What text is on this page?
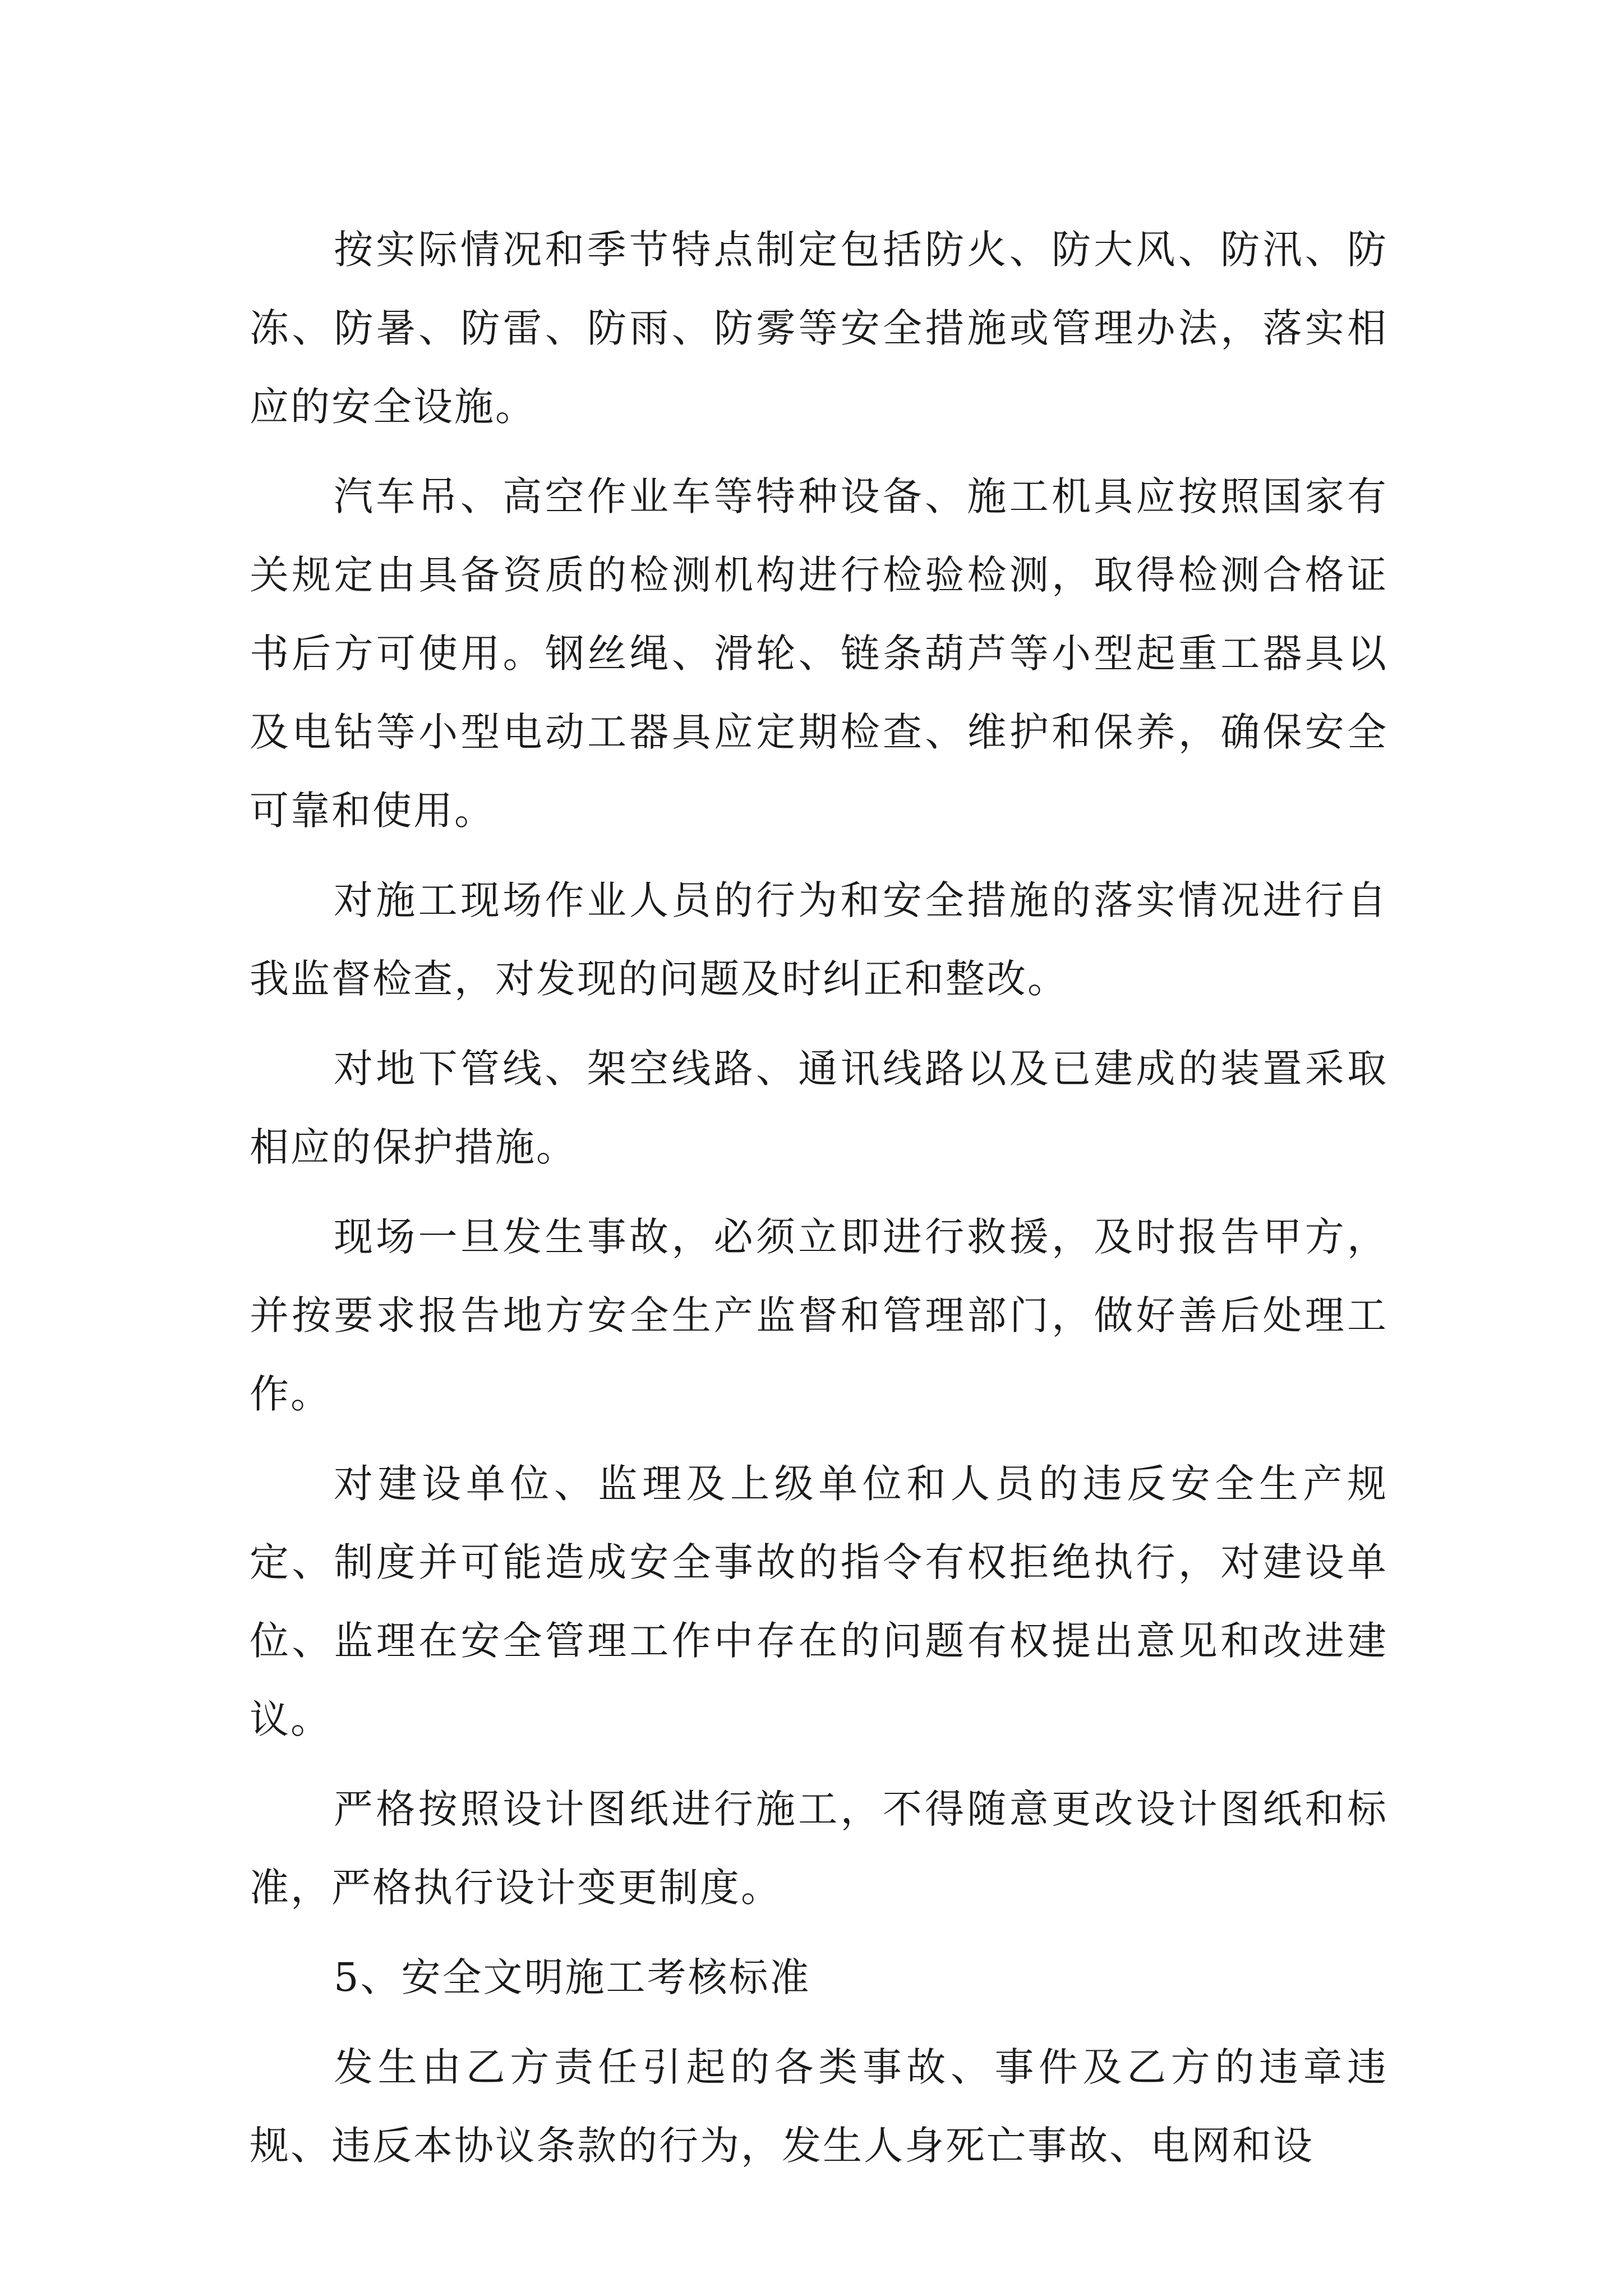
按实际情况和季节特点制定包括防火、防大风、防汛、防冻、防暑、防雷、防雨、防雾等安全措施或管理办法，落实相应的安全设施。

汽车吊、高空作业车等特种设备、施工机具应按照国家有关规定由具备资质的检测机构进行检验检测，取得检测合格证书后方可使用。钢丝绳、滑轮、链条葫芦等小型起重工器具以及电钻等小型电动工器具应定期检查、维护和保养，确保安全可靠和使用。

对施工现场作业人员的行为和安全措施的落实情况进行自我监督检查，对发现的问题及时纠正和整改。

对地下管线、架空线路、通讯线路以及已建成的装置采取相应的保护措施。

现场一旦发生事故，必须立即进行救援，及时报告甲方，并按要求报告地方安全生产监督和管理部门，做好善后处理工作。

对建设单位、监理及上级单位和人员的违反安全生产规定、制度并可能造成安全事故的指令有权拒绝执行，对建设单位、监理在安全管理工作中存在的问题有权提出意见和改进建议。

严格按照设计图纸进行施工，不得随意更改设计图纸和标准，严格执行设计变更制度。

5、安全文明施工考核标准

发生由乙方责任引起的各类事故、事件及乙方的违章违规、违反本协议条款的行为，发生人身死亡事故、电网和设
